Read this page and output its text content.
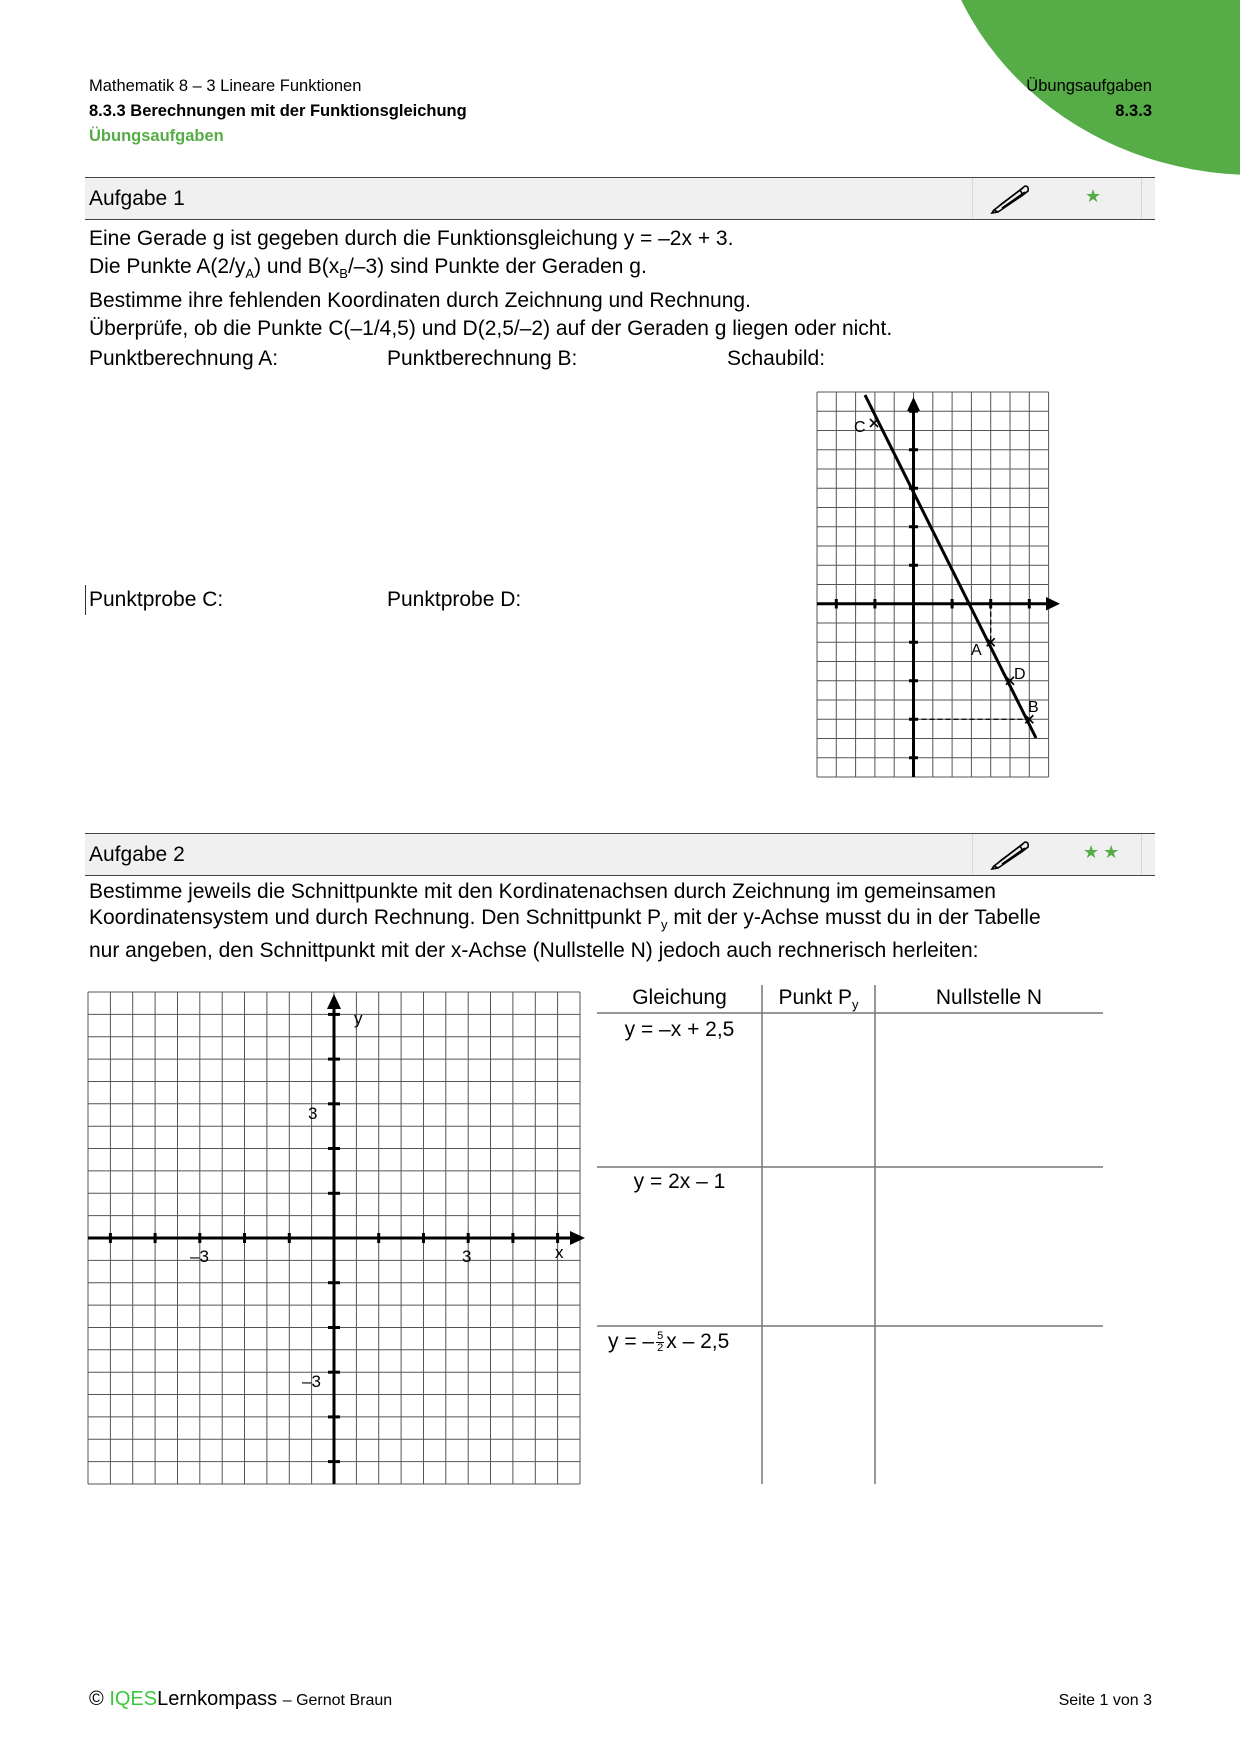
Mathematik 8 – 3 Lineare Funktionen
8.3.3 Berechnungen mit der Funktionsgleichung
Übungsaufgaben
Übungsaufgaben
8.3.3
Aufgabe 1	★
Eine Gerade g ist gegeben durch die Funktionsgleichung y = –2x + 3.
Die Punkte $A(2/y_A)$ und $B(x_B/-3)$ sind Punkte der Geraden g.
Bestimme ihre fehlenden Koordinaten durch Zeichnung und Rechnung.
Überprüfe, ob die Punkte C(–1/4,5) und D(2,5/–2) auf der Geraden g liegen oder nicht.
Punktberechnung A:	Punktberechnung B:	Schaubild:
Punktprobe C:	Punktprobe D:
C
A
D
B
Aufgabe 2	★★
Bestimme jeweils die Schnittpunkte mit den Kordinatenachsen durch Zeichnung im gemeinsamen
Koordinatensystem und durch Rechnung. Den Schnittpunkt $P_y$ mit der y-Achse musst du in der Tabelle
nur angeben, den Schnittpunkt mit der x-Achse (Nullstelle N) jedoch auch rechnerisch herleiten:
y
x
3
–3
3
–3
Gleichung	Punkt $P_y$	Nullstelle N
y = –x + 2,5
y = 2x – 1
y = – $\frac{5}{2}$ x – 2,5
© IQESLernkompass – Gernot Braun	Seite 1 von 3
